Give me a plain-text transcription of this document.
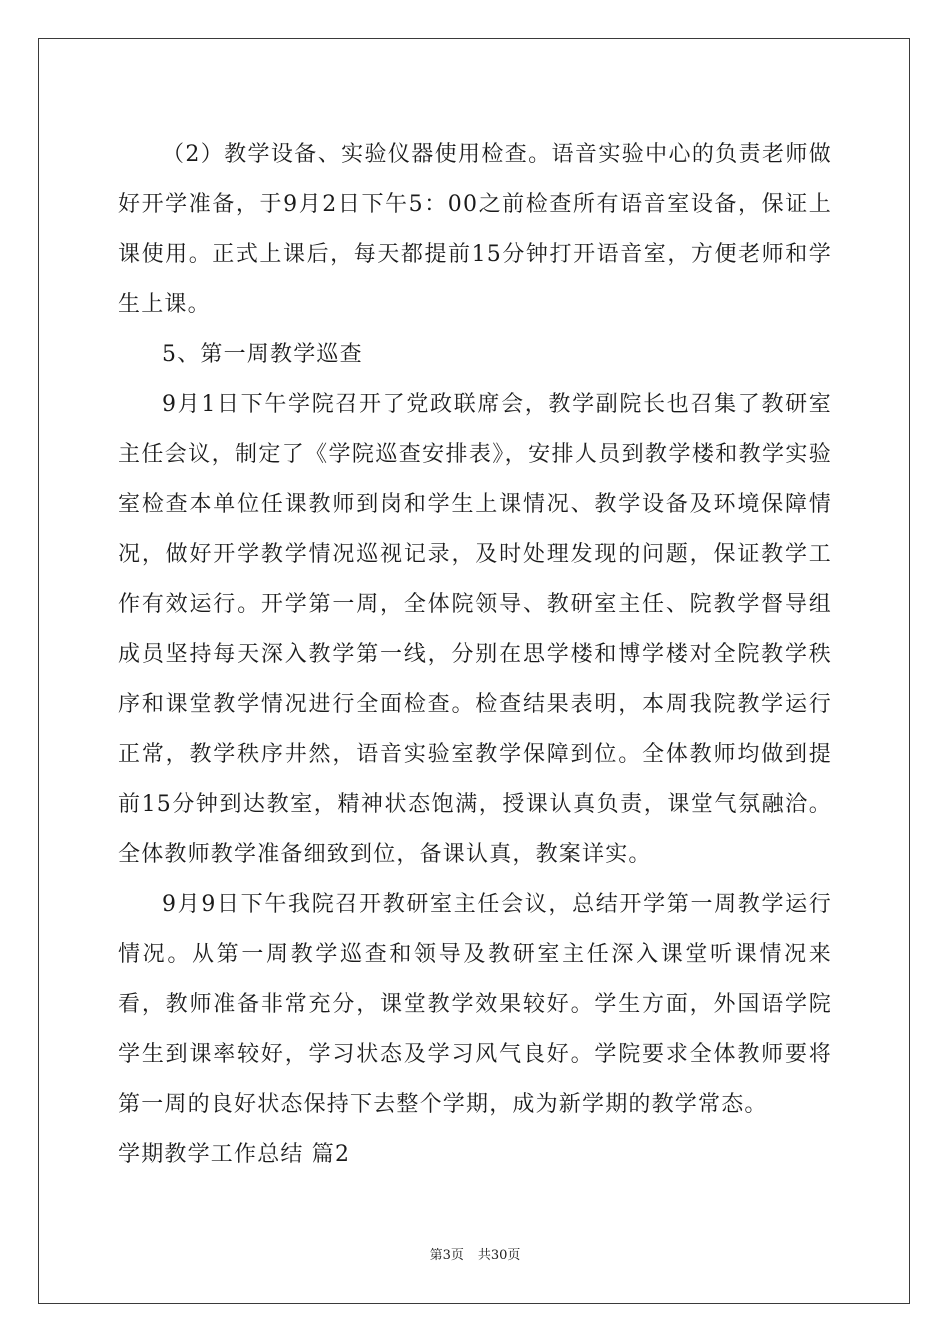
（2）教学设备、实验仪器使用检查。语音实验中心的负责老师做好开学准备，于9月2日下午5：00之前检查所有语音室设备，保证上课使用。正式上课后，每天都提前15分钟打开语音室，方便老师和学生上课。

5、第一周教学巡查

9月1日下午学院召开了党政联席会，教学副院长也召集了教研室主任会议，制定了《学院巡查安排表》，安排人员到教学楼和教学实验室检查本单位任课教师到岗和学生上课情况、教学设备及环境保障情况，做好开学教学情况巡视记录，及时处理发现的问题，保证教学工作有效运行。开学第一周，全体院领导、教研室主任、院教学督导组成员坚持每天深入教学第一线，分别在思学楼和博学楼对全院教学秩序和课堂教学情况进行全面检查。检查结果表明，本周我院教学运行正常，教学秩序井然，语音实验室教学保障到位。全体教师均做到提前15分钟到达教室，精神状态饱满，授课认真负责，课堂气氛融洽。全体教师教学准备细致到位，备课认真，教案详实。

9月9日下午我院召开教研室主任会议，总结开学第一周教学运行情况。从第一周教学巡查和领导及教研室主任深入课堂听课情况来看，教师准备非常充分，课堂教学效果较好。学生方面，外国语学院学生到课率较好，学习状态及学习风气良好。学院要求全体教师要将第一周的良好状态保持下去整个学期，成为新学期的教学常态。

学期教学工作总结 篇2

第3页 共30页
